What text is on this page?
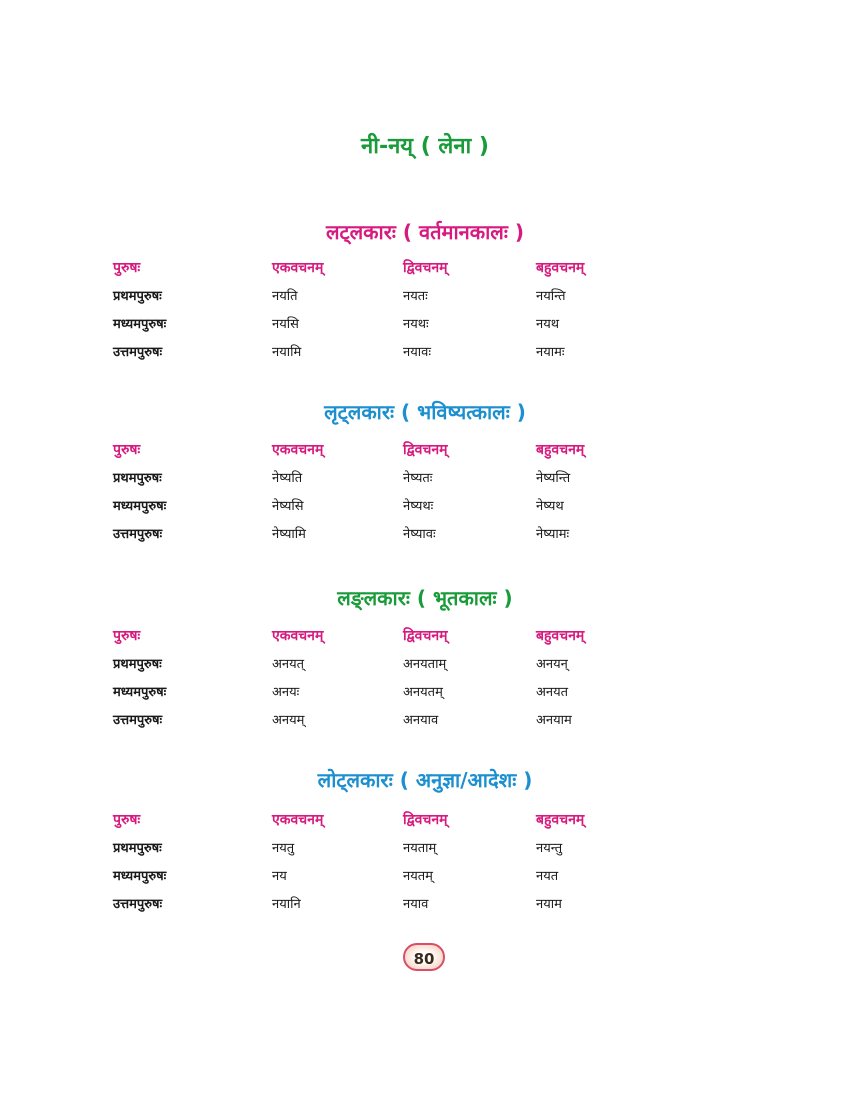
नी-नय् ( लेना )
लट्लकारः ( वर्तमानकालः )
पुरुषः	एकवचनम्	द्विवचनम्	बहुवचनम्
प्रथमपुरुषः	नयति	नयतः	नयन्ति
मध्यमपुरुषः	नयसि	नयथः	नयथ
उत्तमपुरुषः	नयामि	नयावः	नयामः
लृट्लकारः ( भविष्यत्कालः )
पुरुषः	एकवचनम्	द्विवचनम्	बहुवचनम्
प्रथमपुरुषः	नेष्यति	नेष्यतः	नेष्यन्ति
मध्यमपुरुषः	नेष्यसि	नेष्यथः	नेष्यथ
उत्तमपुरुषः	नेष्यामि	नेष्यावः	नेष्यामः
लङ्लकारः ( भूतकालः )
पुरुषः	एकवचनम्	द्विवचनम्	बहुवचनम्
प्रथमपुरुषः	अनयत्	अनयताम्	अनयन्
मध्यमपुरुषः	अनयः	अनयतम्	अनयत
उत्तमपुरुषः	अनयम्	अनयाव	अनयाम
लोट्लकारः ( अनुज्ञा/आदेशः )
पुरुषः	एकवचनम्	द्विवचनम्	बहुवचनम्
प्रथमपुरुषः	नयतु	नयताम्	नयन्तु
मध्यमपुरुषः	नय	नयतम्	नयत
उत्तमपुरुषः	नयानि	नयाव	नयाम
80
